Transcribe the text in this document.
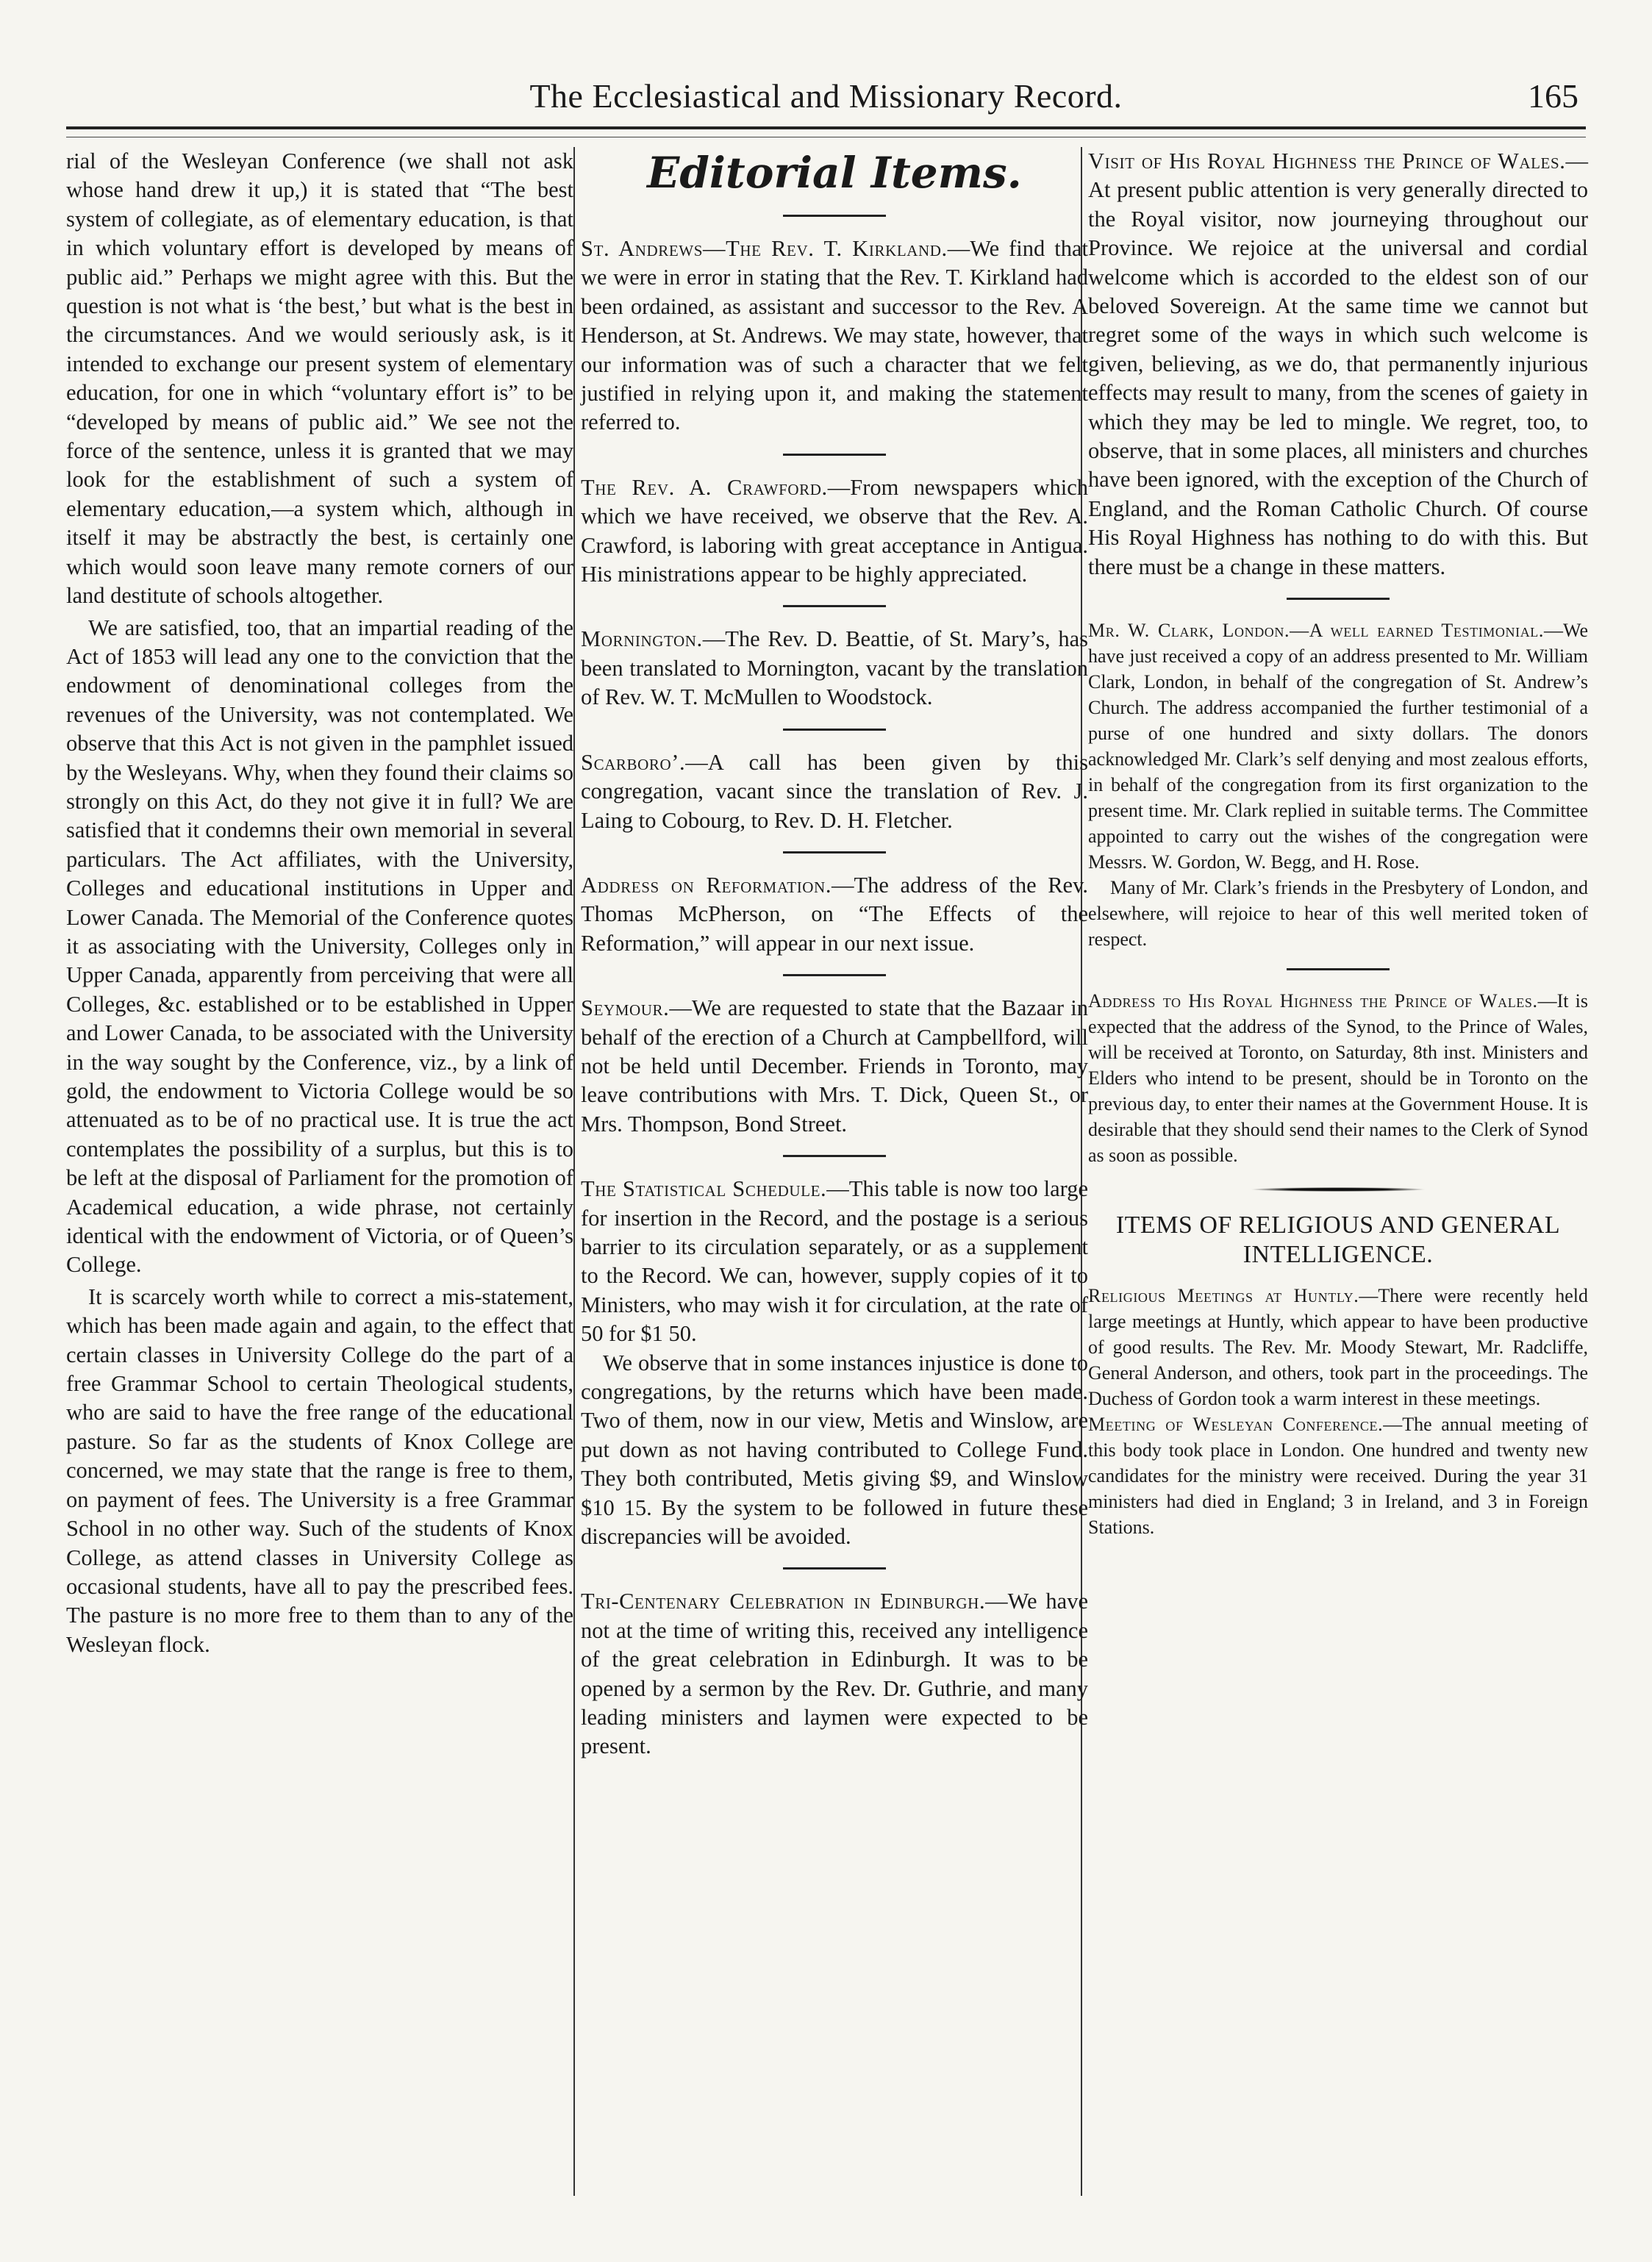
The Ecclesiastical and Missionary Record.	165

rial of the Wesleyan Conference (we shall not ask whose hand drew it up,) it is stated that “The best system of collegiate, as of elementary education, is that in which voluntary effort is developed by means of public aid.” Perhaps we might agree with this. But the question is not what is ‘the best,’ but what is the best in the circumstances. And we would seriously ask, is it intended to exchange our present system of elementary education, for one in which “voluntary effort is” to be “developed by means of public aid.” We see not the force of the sentence, unless it is granted that we may look for the establishment of such a system of elementary education,—a system which, although in itself it may be abstractly the best, is certainly one which would soon leave many remote corners of our land destitute of schools altogether.

We are satisfied, too, that an impartial reading of the Act of 1853 will lead any one to the conviction that the endowment of denominational colleges from the revenues of the University, was not contemplated. We observe that this Act is not given in the pamphlet issued by the Wesleyans. Why, when they found their claims so strongly on this Act, do they not give it in full? We are satisfied that it condemns their own memorial in several particulars. The Act affiliates, with the University, Colleges and educational institutions in Upper and Lower Canada. The Memorial of the Conference quotes it as associating with the University, Colleges only in Upper Canada, apparently from perceiving that were all Colleges, &c. established or to be established in Upper and Lower Canada, to be associated with the University in the way sought by the Conference, viz., by a link of gold, the endowment to Victoria College would be so attenuated as to be of no practical use. It is true the act contemplates the possibility of a surplus, but this is to be left at the disposal of Parliament for the promotion of Academical education, a wide phrase, not certainly identical with the endowment of Victoria, or of Queen’s College.

It is scarcely worth while to correct a mis-statement, which has been made again and again, to the effect that certain classes in University College do the part of a free Grammar School to certain Theological students, who are said to have the free range of the educational pasture. So far as the students of Knox College are concerned, we may state that the range is free to them, on payment of fees. The University is a free Grammar School in no other way. Such of the students of Knox College, as attend classes in University College as occasional students, have all to pay the prescribed fees. The pasture is no more free to them than to any of the Wesleyan flock.

Editorial Items.

St. Andrews—The Rev. T. Kirkland.—We find that we were in error in stating that the Rev. T. Kirkland had been ordained, as assistant and successor to the Rev. A Henderson, at St. Andrews. We may state, however, that our information was of such a character that we felt justified in relying upon it, and making the statement referred to.

The Rev. A. Crawford.—From newspapers which which we have received, we observe that the Rev. A. Crawford, is laboring with great acceptance in Antigua. His ministrations appear to be highly appreciated.

Mornington.—The Rev. D. Beattie, of St. Mary’s, has been translated to Mornington, vacant by the translation of Rev. W. T. McMullen to Woodstock.

Scarboro’.—A call has been given by this congregation, vacant since the translation of Rev. J. Laing to Cobourg, to Rev. D. H. Fletcher.

Address on Reformation.—The address of the Rev. Thomas McPherson, on “The Effects of the Reformation,” will appear in our next issue.

Seymour.—We are requested to state that the Bazaar in behalf of the erection of a Church at Campbellford, will not be held until December. Friends in Toronto, may leave contributions with Mrs. T. Dick, Queen St., or Mrs. Thompson, Bond Street.

The Statistical Schedule.—This table is now too large for insertion in the Record, and the postage is a serious barrier to its circulation separately, or as a supplement to the Record. We can, however, supply copies of it to Ministers, who may wish it for circulation, at the rate of 50 for $1 50.

We observe that in some instances injustice is done to congregations, by the returns which have been made. Two of them, now in our view, Metis and Winslow, are put down as not having contributed to College Fund. They both contributed, Metis giving $9, and Winslow $10 15. By the system to be followed in future these discrepancies will be avoided.

Tri-Centenary Celebration in Edinburgh.—We have not at the time of writing this, received any intelligence of the great celebration in Edinburgh. It was to be opened by a sermon by the Rev. Dr. Guthrie, and many leading ministers and laymen were expected to be present.

Visit of His Royal Highness the Prince of Wales.—At present public attention is very generally directed to the Royal visitor, now journeying throughout our Province. We rejoice at the universal and cordial welcome which is accorded to the eldest son of our beloved Sovereign. At the same time we cannot but regret some of the ways in which such welcome is given, believing, as we do, that permanently injurious effects may result to many, from the scenes of gaiety in which they may be led to mingle. We regret, too, to observe, that in some places, all ministers and churches have been ignored, with the exception of the Church of England, and the Roman Catholic Church. Of course His Royal Highness has nothing to do with this. But there must be a change in these matters.

Mr. W. Clark, London.—A well earned Testimonial.—We have just received a copy of an address presented to Mr. William Clark, London, in behalf of the congregation of St. Andrew’s Church. The address accompanied the further testimonial of a purse of one hundred and sixty dollars. The donors acknowledged Mr. Clark’s self denying and most zealous efforts, in behalf of the congregation from its first organization to the present time. Mr. Clark replied in suitable terms. The Committee appointed to carry out the wishes of the congregation were Messrs. W. Gordon, W. Begg, and H. Rose.

Many of Mr. Clark’s friends in the Presbytery of London, and elsewhere, will rejoice to hear of this well merited token of respect.

Address to His Royal Highness the Prince of Wales.—It is expected that the address of the Synod, to the Prince of Wales, will be received at Toronto, on Saturday, 8th inst. Ministers and Elders who intend to be present, should be in Toronto on the previous day, to enter their names at the Government House. It is desirable that they should send their names to the Clerk of Synod as soon as possible.

ITEMS OF RELIGIOUS AND GENERAL INTELLIGENCE.

Religious Meetings at Huntly.—There were recently held large meetings at Huntly, which appear to have been productive of good results. The Rev. Mr. Moody Stewart, Mr. Radcliffe, General Anderson, and others, took part in the proceedings. The Duchess of Gordon took a warm interest in these meetings.

Meeting of Wesleyan Conference.—The annual meeting of this body took place in London. One hundred and twenty new candidates for the ministry were received. During the year 31 ministers had died in England; 3 in Ireland, and 3 in Foreign Stations.
